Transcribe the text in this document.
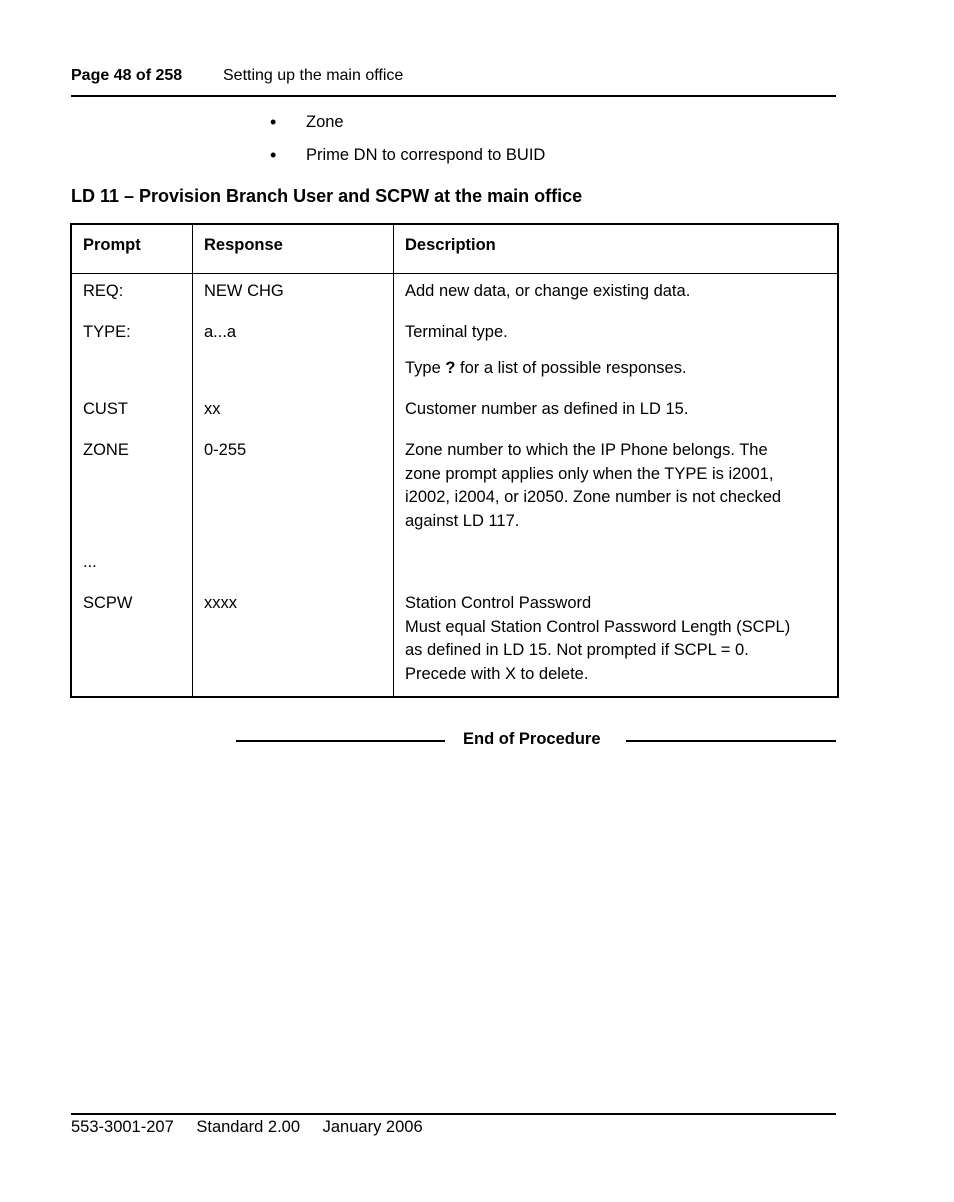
Page 48 of 258	Setting up the main office
• Zone
• Prime DN to correspond to BUID
LD 11 – Provision Branch User and SCPW at the main office
Prompt	Response	Description
REQ:	NEW CHG	Add new data, or change existing data.
TYPE:	a...a	Terminal type.
Type ? for a list of possible responses.
CUST	xx	Customer number as defined in LD 15.
ZONE	0-255	Zone number to which the IP Phone belongs. The
zone prompt applies only when the TYPE is i2001,
i2002, i2004, or i2050. Zone number is not checked
against LD 117.
...
SCPW	xxxx	Station Control Password
Must equal Station Control Password Length (SCPL)
as defined in LD 15. Not prompted if SCPL = 0.
Precede with X to delete.
End of Procedure
553-3001-207 Standard 2.00 January 2006
